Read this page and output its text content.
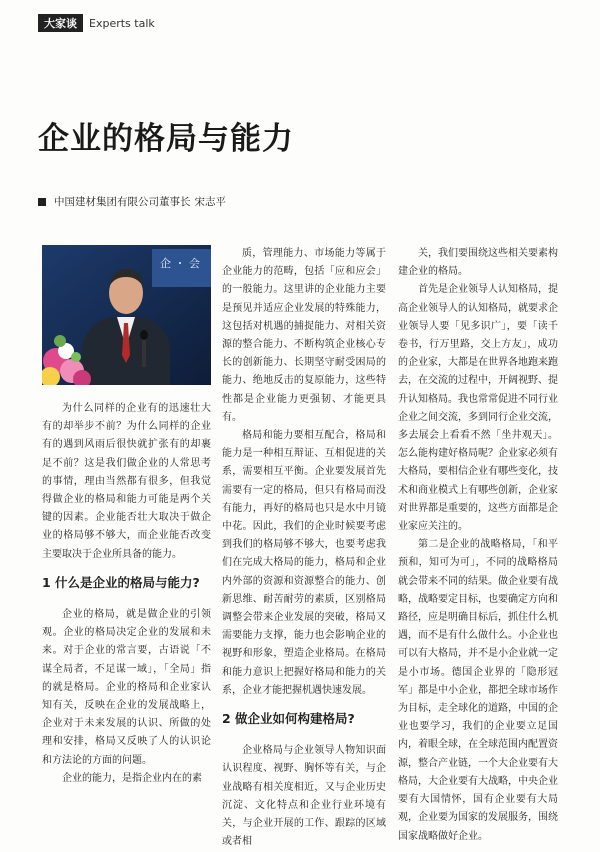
大家谈	Experts talk
企业的格局与能力
中国建材集团有限公司董事长 宋志平
企 ・ 会

为什么同样的企业有的迅速壮大有的却举步不前？为什么同样的企业有的遇到风雨后很快就扩张有的却裹足不前？这是我们做企业的人常思考的事情，理由当然都有很多，但我觉得做企业的格局和能力可能是两个关键的因素。企业能否壮大取决于做企业的格局够不够大，而企业能否改变主要取决于企业所具备的能力。

1 什么是企业的格局与能力?

企业的格局，就是做企业的引领观。企业的格局决定企业的发展和未来。对于企业的常言要，古语说「不谋全局者，不足谋一域」，「全局」指的就是格局。企业的格局和企业家认知有关，反映在企业的发展战略上，企业对于未来发展的认识、所做的处理和安排，格局又反映了人的认识论和方法论的方面的问题。

企业的能力，是指企业内在的素

质，管理能力、市场能力等属于企业能力的范畴，包括「应和应会」的一般能力。这里讲的企业能力主要是预见并适应企业发展的特殊能力，这包括对机遇的捕捉能力、对相关资源的整合能力、不断构筑企业核心专长的创新能力、长期坚守耐受困局的能力、绝地反击的复原能力，这些特性都是企业能力更强韧、才能更具有。

格局和能力要相互配合，格局和能力是一种相互辩证、互相促进的关系，需要相互平衡。企业要发展首先需要有一定的格局，但只有格局而没有能力，再好的格局也只是水中月镜中花。因此，我们的企业时候要考虑到我们的格局够不够大，也要考虑我们在完成大格局的能力，格局和企业内外部的资源和资源整合的能力、创新思维、耐苦耐劳的素质，区别格局调整会带来企业发展的突破，格局又需要能力支撑，能力也会影响企业的视野和形象，塑造企业格局。在格局和能力意识上把握好格局和能力的关系，企业才能把握机遇快速发展。

2 做企业如何构建格局?

企业格局与企业领导人物知识面认识程度、视野、胸怀等有关，与企业战略有相关度相近，又与企业历史沉淀、文化特点和企业行业环境有关，与企业开展的工作、跟踪的区域或者相

关，我们要围绕这些相关要素构建企业的格局。

首先是企业领导人认知格局，提高企业领导人的认知格局，就要求企业领导人要「见多识广」，要「读千卷书，行万里路，交上方友」，成功的企业家，大都是在世界各地跑来跑去，在交流的过程中，开阔视野、提升认知格局。我也常常促进不同行业企业之间交流，多到同行企业交流，多去展会上看看不然「坐井观天」。怎么能构建好格局呢？企业家必须有大格局，要相信企业有哪些变化，技术和商业模式上有哪些创新，企业家对世界都是重要的，这些方面都是企业家应关注的。

第二是企业的战略格局，「和平预和，知可为可」，不同的战略格局就会带来不同的结果。做企业要有战略，战略要定目标，也要确定方向和路径，应是明确目标后，抓住什么机遇，而不是有什么做什么。小企业也可以有大格局，并不是小企业就一定是小市场。德国企业界的「隐形冠军」都是中小企业，都把全球市场作为目标，走全球化的道路，中国的企业也要学习，我们的企业要立足国内，着眼全球，在全球范围内配置资源，整合产业链，一个大企业要有大格局，大企业要有大战略，中央企业要有大国情怀，国有企业要有大局观，企业要为国家的发展服务，围绕国家战略做好企业。
